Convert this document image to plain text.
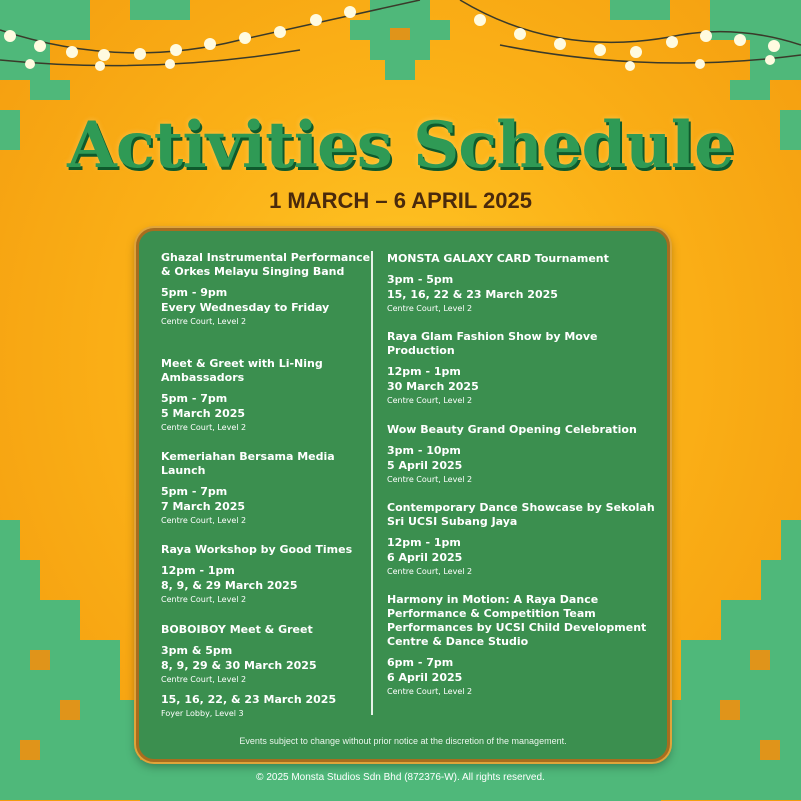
Activities Schedule
1 MARCH – 6 APRIL 2025
Ghazal Instrumental Performance & Orkes Melayu Singing Band
5pm - 9pm
Every Wednesday to Friday
Centre Court, Level 2
Meet & Greet with Li-Ning Ambassadors
5pm - 7pm
5 March 2025
Centre Court, Level 2
Kemeriahan Bersama Media Launch
5pm - 7pm
7 March 2025
Centre Court, Level 2
Raya Workshop by Good Times
12pm - 1pm
8, 9, & 29 March 2025
Centre Court, Level 2
BOBOIBOY Meet & Greet
3pm & 5pm
8, 9, 29 & 30 March 2025
Centre Court, Level 2
15, 16, 22, & 23 March 2025
Foyer Lobby, Level 3
MONSTA GALAXY CARD Tournament
3pm - 5pm
15, 16, 22 & 23 March 2025
Centre Court, Level 2
Raya Glam Fashion Show by Move Production
12pm - 1pm
30 March 2025
Centre Court, Level 2
Wow Beauty Grand Opening Celebration
3pm - 10pm
5 April 2025
Centre Court, Level 2
Contemporary Dance Showcase by Sekolah Sri UCSI Subang Jaya
12pm - 1pm
6 April 2025
Centre Court, Level 2
Harmony in Motion: A Raya Dance Performance & Competition Team Performances by UCSI Child Development Centre & Dance Studio
6pm - 7pm
6 April 2025
Centre Court, Level 2
Events subject to change without prior notice at the discretion of the management.
© 2025 Monsta Studios Sdn Bhd (872376-W). All rights reserved.
